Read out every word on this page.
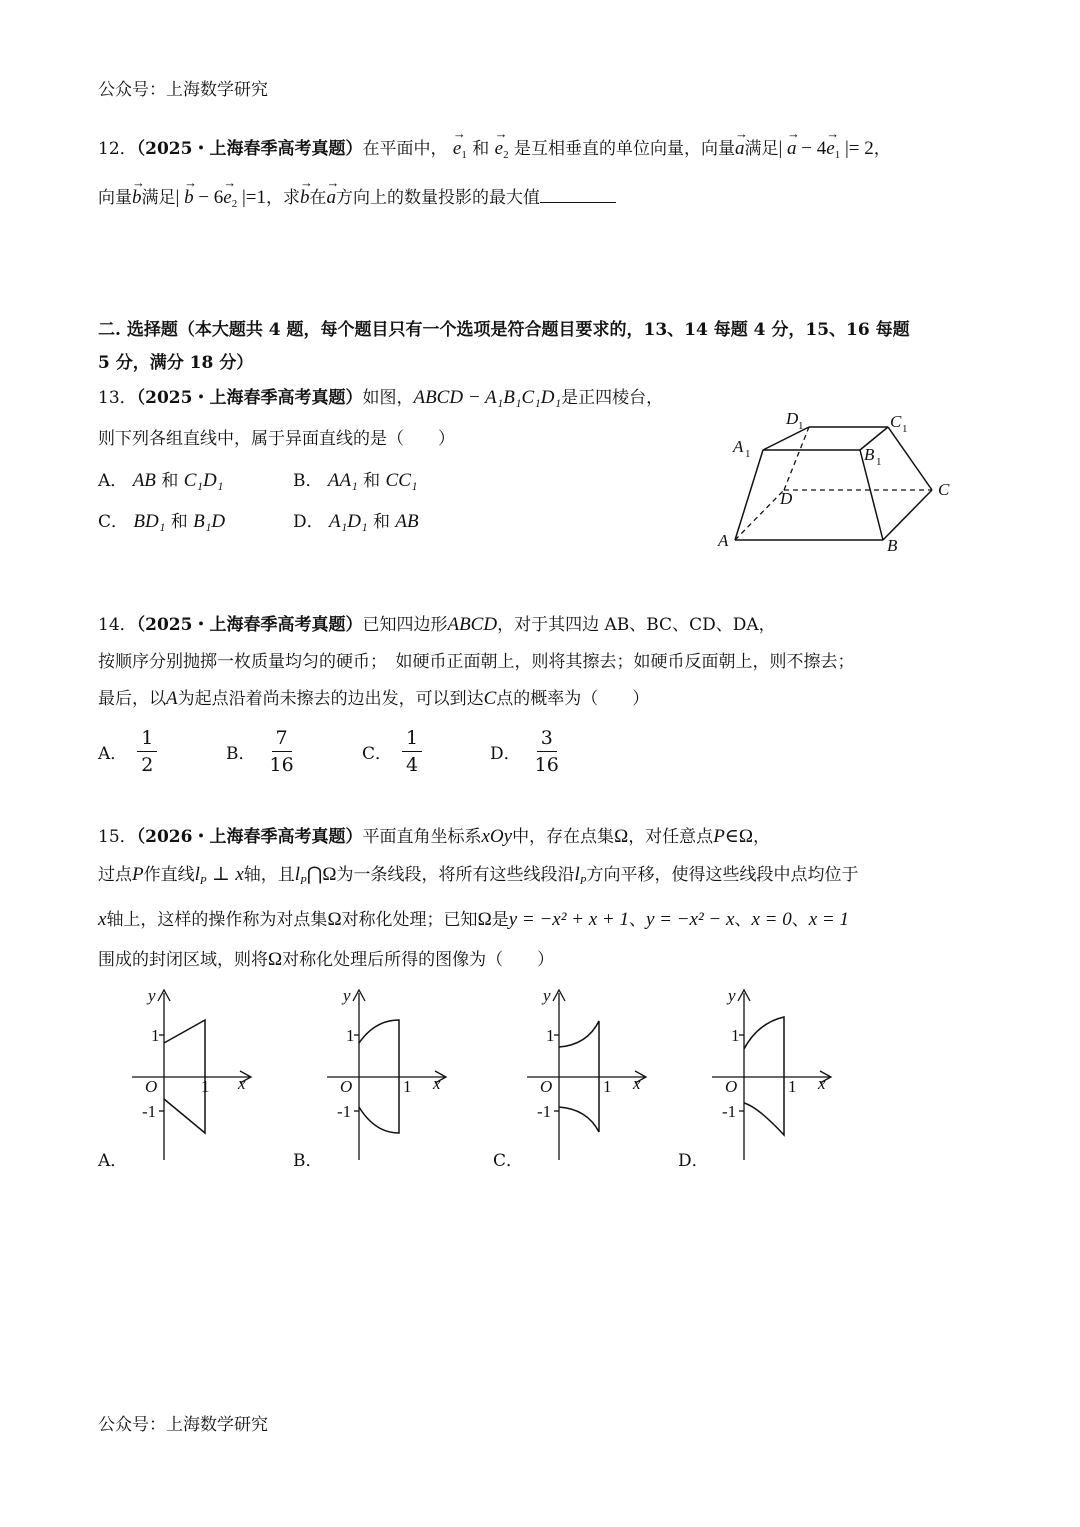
公众号：上海数学研究
12．（2025・上海春季高考真题）在平面中， → $e_1$ 和 → $e_2$ 是互相垂直的单位向量，向量→ a满足| → $a - 4\to e_1$ |= 2，
向量→ b满足| → $b - 6\to e_2$ |=1，求→ b在→ a方向上的数量投影的最大值
二. 选择题（本大题共 4 题，每个题目只有一个选项是符合题目要求的，13、14 每题 4 分，15、16 每题
5 分，满分 18 分）
13．（2025・上海春季高考真题）如图，ABCD − A₁B₁C₁D₁是正四棱台，
则下列各组直线中，属于异面直线的是（　　）
A． AB 和 C₁D₁	B． AA₁ 和 CC₁
C． BD₁ 和 B₁D	D． A₁D₁ 和 AB
A	B
C
D
A 1	B 1
C 1
D 1
14．（2025・上海春季高考真题）已知四边形ABCD，对于其四边 AB、BC、CD、DA，
按顺序分别抛掷一枚质量均匀的硬币；　如硬币正面朝上，则将其擦去；如硬币反面朝上，则不擦去；
最后，以A为起点沿着尚未擦去的边出发，可以到达C点的概率为（　　）
A． $\frac{1}{2}$	B． $\frac{7}{16}$	C． $\frac{1}{4}$	D． $\frac{3}{16}$
15．（2026・上海春季高考真题）平面直角坐标系xOy中，存在点集Ω，对任意点P∈Ω，
过点P作直线$l_P$ ⊥ x轴，且$l_P⋂\Omega$为一条线段，将所有这些线段沿$l_P$方向平移，使得这些线段中点均位于
x轴上，这样的操作称为对点集Ω对称化处理；已知Ω是y = −x² + x + 1、y = −x² − x、x = 0、x = 1
围成的封闭区域，则将Ω对称化处理后所得的图像为（　　）
y
x
O	1
1
-1
A．
y
x
O	1
1
-1
B．
y
x
O	1
1
-1
C．
y
x
O	1
1
-1
D．
公众号：上海数学研究
